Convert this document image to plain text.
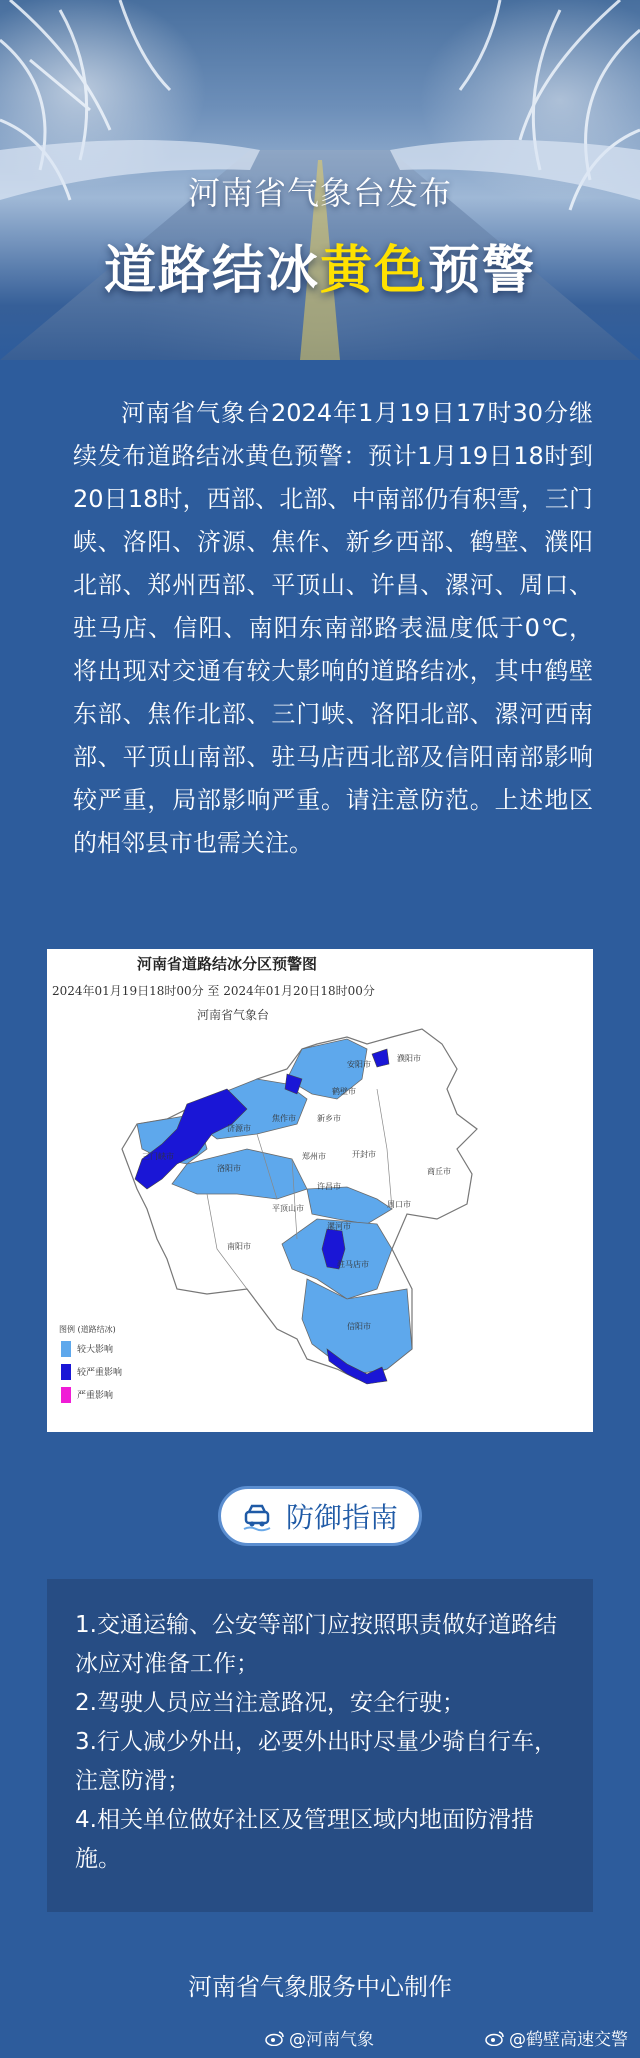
河南省气象台发布
道路结冰黄色预警
河南省气象台2024年1月19日17时30分继续发布道路结冰黄色预警：预计1月19日18时到20日18时，西部、北部、中南部仍有积雪，三门峡、洛阳、济源、焦作、新乡西部、鹤壁、濮阳北部、郑州西部、平顶山、许昌、漯河、周口、驻马店、信阳、南阳东南部路表温度低于0℃，将出现对交通有较大影响的道路结冰，其中鹤壁东部、焦作北部、三门峡、洛阳北部、漯河西南部、平顶山南部、驻马店西北部及信阳南部影响较严重，局部影响严重。请注意防范。上述地区的相邻县市也需关注。
河南省道路结冰分区预警图
2024年01月19日18时00分 至 2024年01月20日18时00分
河南省气象台
濮阳市
安阳市
鹤壁市
新乡市
焦作市
济源市
郑州市	开封市
商丘市
三门峡市
洛阳市
平顶山市
许昌市
漯河市
周口市
南阳市
驻马店市
信阳市
图例 (道路结冰)
较大影响
较严重影响
严重影响
防御指南
1.交通运输、公安等部门应按照职责做好道路结冰应对准备工作；
2.驾驶人员应当注意路况，安全行驶；
3.行人减少外出，必要外出时尽量少骑自行车，注意防滑；
4.相关单位做好社区及管理区域内地面防滑措施。
河南省气象服务中心制作
@河南气象	@鹤壁高速交警
